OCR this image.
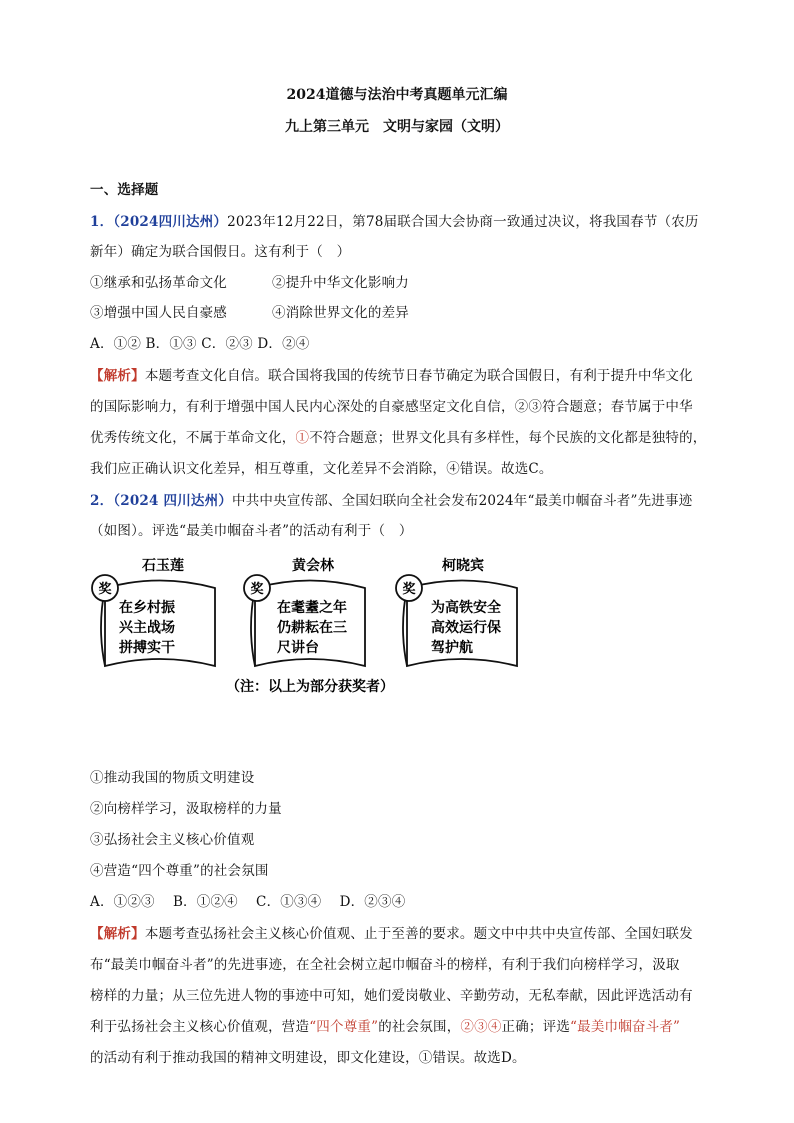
2024道德与法治中考真题单元汇编
九上第三单元　文明与家园（文明）
一、选择题
1．（2024四川达州）2023年12月22日，第78届联合国大会协商一致通过决议，将我国春节（农历
新年）确定为联合国假日。这有利于（　）
①继承和弘扬革命文化	②提升中华文化影响力
③增强中国人民自豪感	④消除世界文化的差异
A．①② B．①③ C．②③ D．②④
【解析】本题考查文化自信。联合国将我国的传统节日春节确定为联合国假日，有利于提升中华文化
的国际影响力，有利于增强中国人民内心深处的自豪感坚定文化自信，②③符合题意；春节属于中华
优秀传统文化，不属于革命文化，①不符合题意；世界文化具有多样性，每个民族的文化都是独特的，
我们应正确认识文化差异，相互尊重，文化差异不会消除，④错误。故选C。
2．（2024 四川达州）中共中央宣传部、全国妇联向全社会发布2024年“最美巾帼奋斗者”先进事迹
（如图）。评选“最美巾帼奋斗者”的活动有利于（　）
石玉莲
奖
在乡村振
兴主战场
拼搏实干
黄会林
奖
在耄耋之年
仍耕耘在三
尺讲台
柯晓宾
奖
为高铁安全
高效运行保
驾护航
（注：以上为部分获奖者）
①推动我国的物质文明建设
②向榜样学习，汲取榜样的力量
③弘扬社会主义核心价值观
④营造“四个尊重”的社会氛围
A．①②③　 B．①②④　 C．①③④　 D．②③④
【解析】本题考查弘扬社会主义核心价值观、止于至善的要求。题文中中共中央宣传部、全国妇联发
布“最美巾帼奋斗者”的先进事迹，在全社会树立起巾帼奋斗的榜样，有利于我们向榜样学习，汲取
榜样的力量；从三位先进人物的事迹中可知，她们爱岗敬业、辛勤劳动，无私奉献，因此评选活动有
利于弘扬社会主义核心价值观，营造“四个尊重”的社会氛围，②③④正确；评选“最美巾帼奋斗者”
的活动有利于推动我国的精神文明建设，即文化建设，①错误。故选D。
